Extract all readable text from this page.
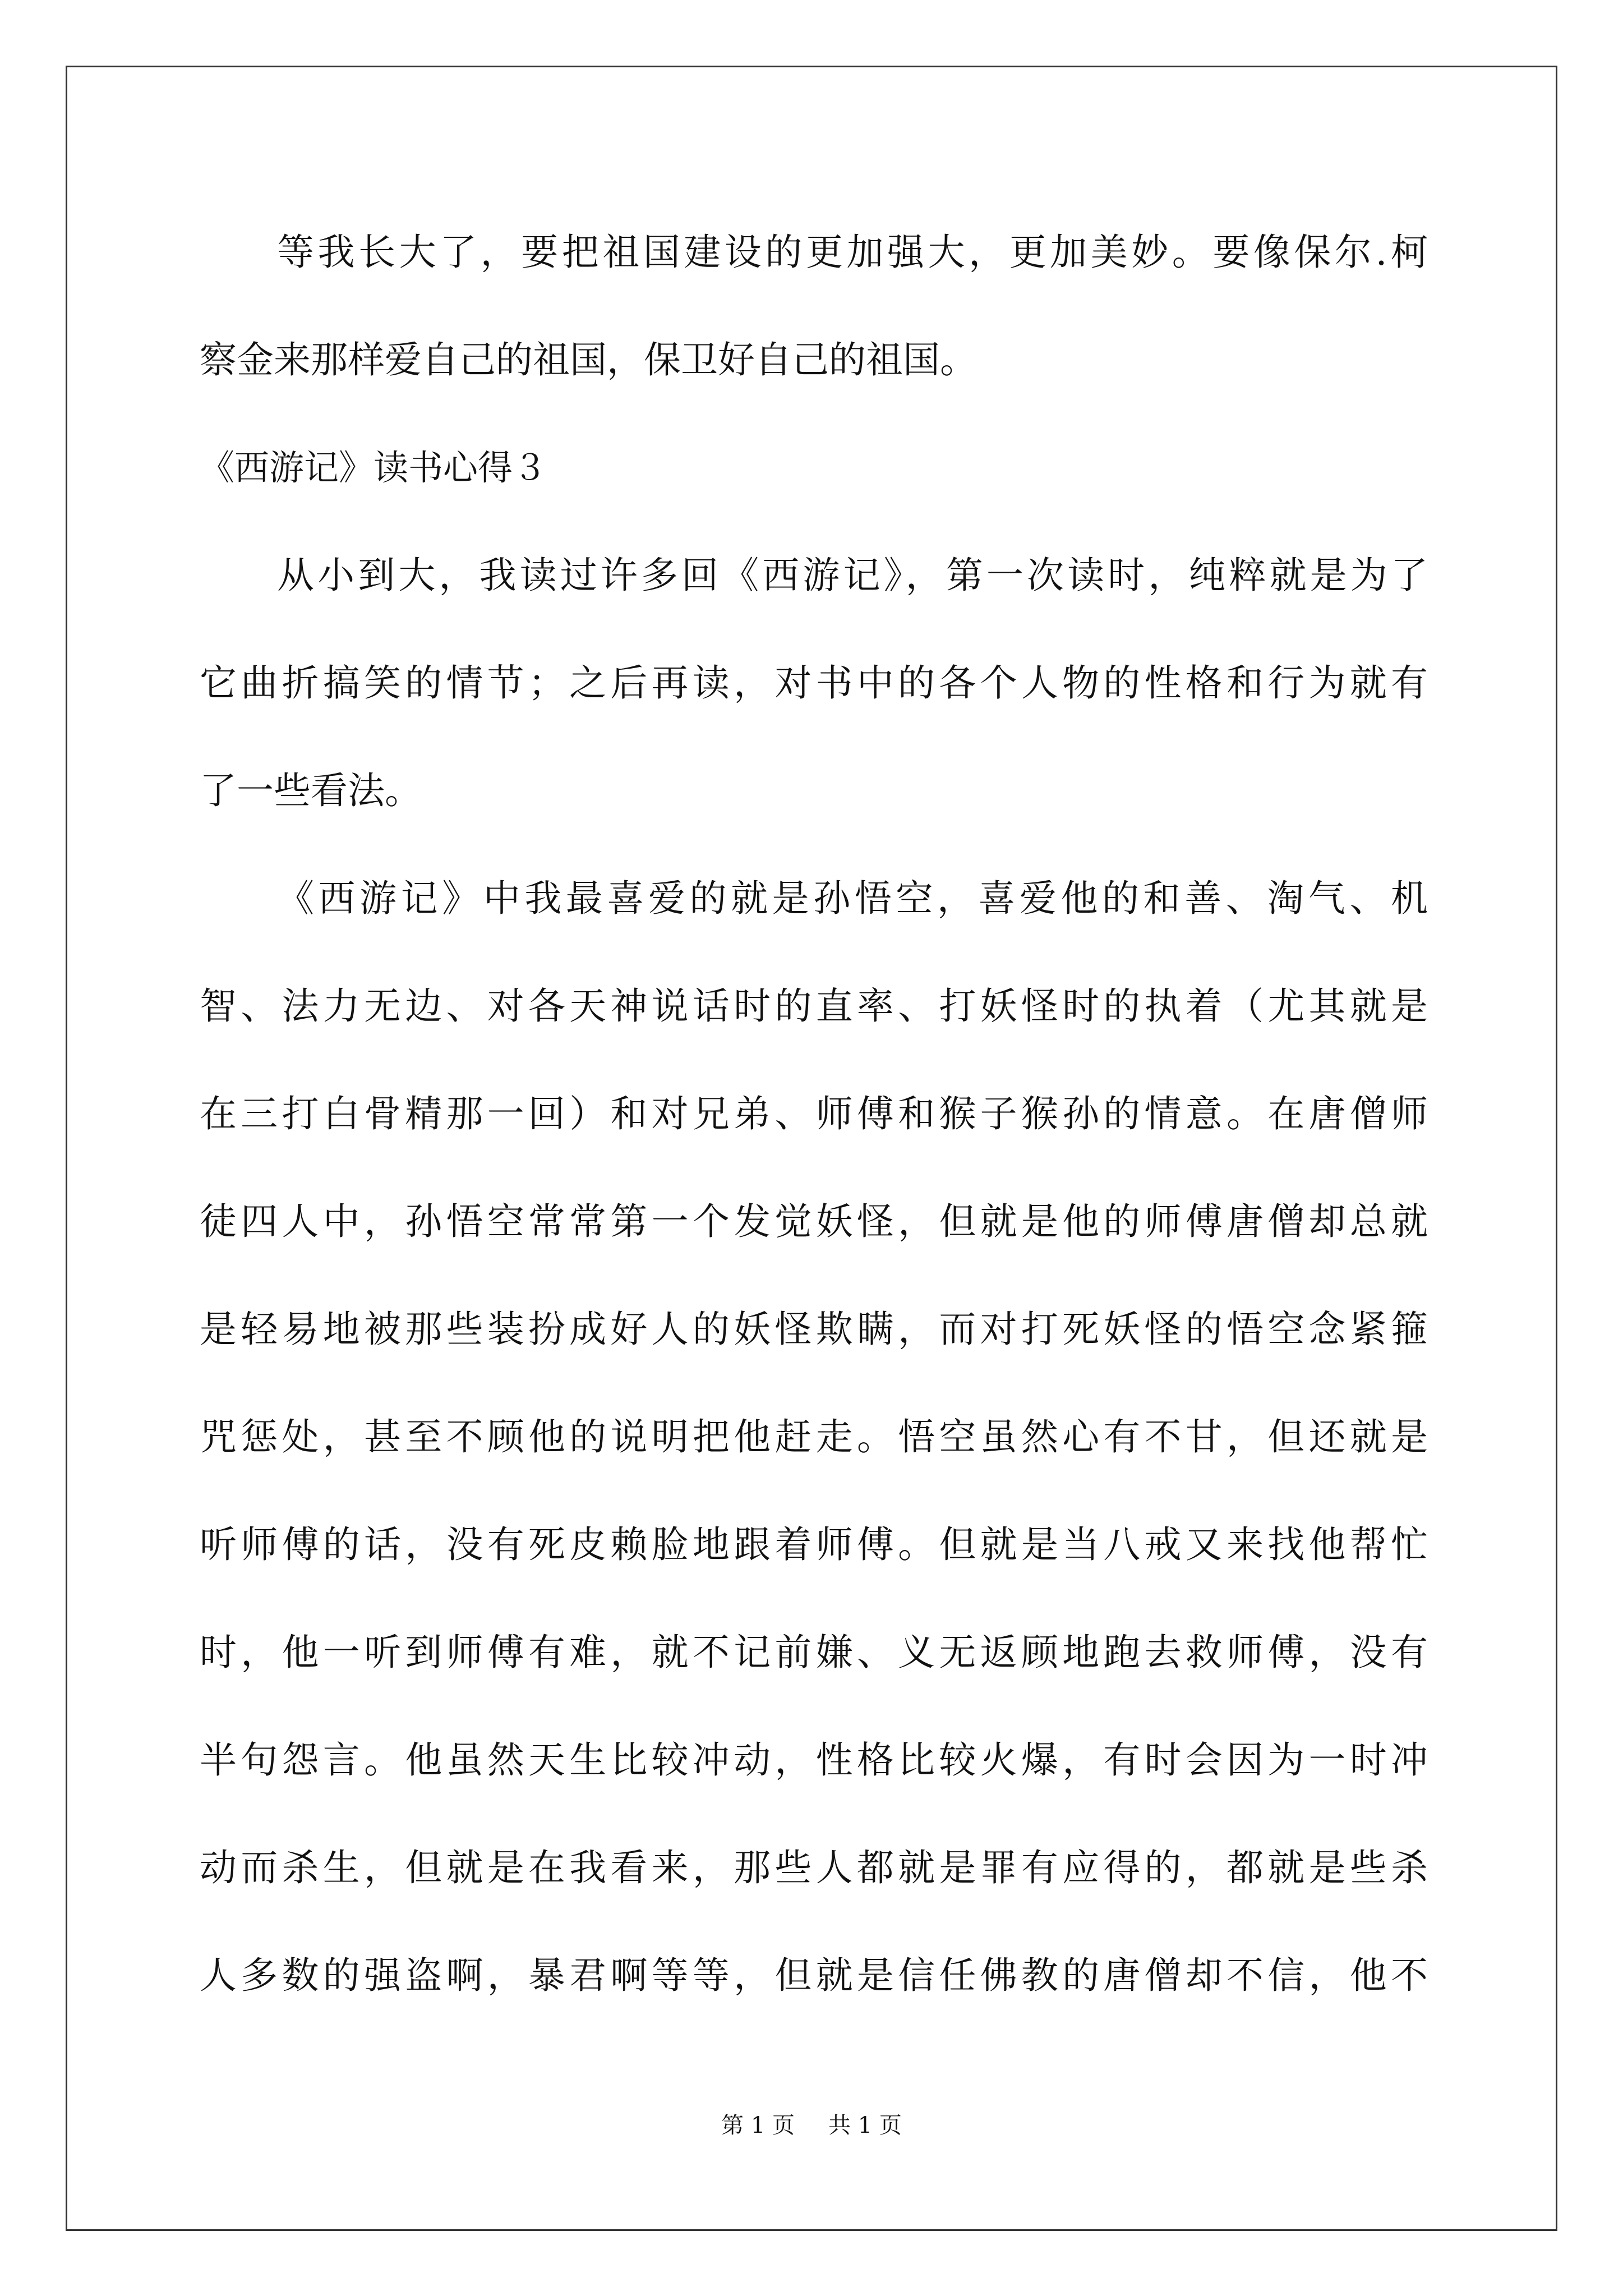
等我长大了，要把祖国建设的更加强大，更加美妙。要像保尔.柯
察金来那样爱自己的祖国，保卫好自己的祖国。
《西游记》读书心得３
从小到大，我读过许多回《西游记》，第一次读时，纯粹就是为了
它曲折搞笑的情节；之后再读，对书中的各个人物的性格和行为就有
了一些看法。
《西游记》中我最喜爱的就是孙悟空，喜爱他的和善、淘气、机
智、法力无边、对各天神说话时的直率、打妖怪时的执着（尤其就是
在三打白骨精那一回）和对兄弟、师傅和猴子猴孙的情意。在唐僧师
徒四人中，孙悟空常常第一个发觉妖怪，但就是他的师傅唐僧却总就
是轻易地被那些装扮成好人的妖怪欺瞒，而对打死妖怪的悟空念紧箍
咒惩处，甚至不顾他的说明把他赶走。悟空虽然心有不甘，但还就是
听师傅的话，没有死皮赖脸地跟着师傅。但就是当八戒又来找他帮忙
时，他一听到师傅有难，就不记前嫌、义无返顾地跑去救师傅，没有
半句怨言。他虽然天生比较冲动，性格比较火爆，有时会因为一时冲
动而杀生，但就是在我看来，那些人都就是罪有应得的，都就是些杀
人多数的强盗啊，暴君啊等等，但就是信任佛教的唐僧却不信，他不
第 1 页 共 1 页
